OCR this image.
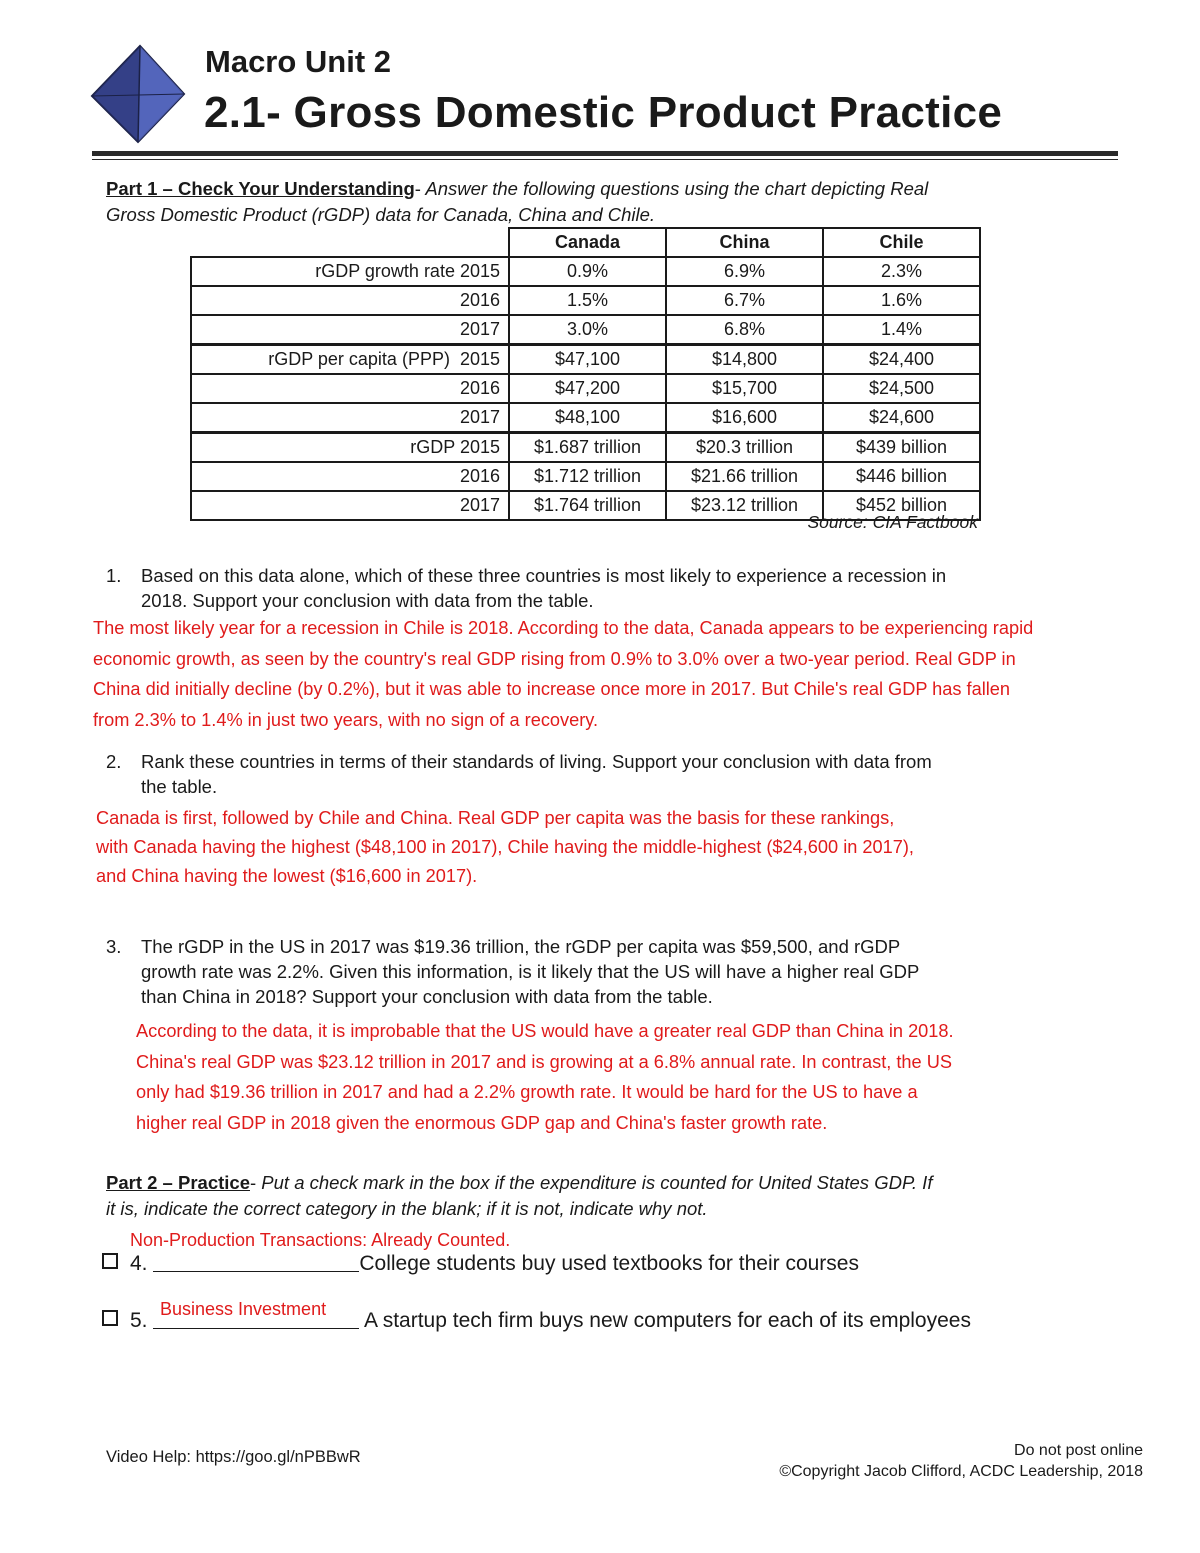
Macro Unit 2
2.1- Gross Domestic Product Practice
Part 1 – Check Your Understanding- Answer the following questions using the chart depicting Real
Gross Domestic Product (rGDP) data for Canada, China and Chile.
	Canada	China	Chile
rGDP growth rate 2015	0.9%	6.9%	2.3%
2016	1.5%	6.7%	1.6%
2017	3.0%	6.8%	1.4%
rGDP per capita (PPP)  2015	$47,100	$14,800	$24,400
2016	$47,200	$15,700	$24,500
2017	$48,100	$16,600	$24,600
rGDP 2015	$1.687 trillion	$20.3 trillion	$439 billion
2016	$1.712 trillion	$21.66 trillion	$446 billion
2017	$1.764 trillion	$23.12 trillion	$452 billion
Source: CIA Factbook
1. Based on this data alone, which of these three countries is most likely to experience a recession in
2018. Support your conclusion with data from the table.
The most likely year for a recession in Chile is 2018. According to the data, Canada appears to be experiencing rapid
economic growth, as seen by the country's real GDP rising from 0.9% to 3.0% over a two-year period. Real GDP in
China did initially decline (by 0.2%), but it was able to increase once more in 2017. But Chile's real GDP has fallen
from 2.3% to 1.4% in just two years, with no sign of a recovery.
2. Rank these countries in terms of their standards of living. Support your conclusion with data from
the table.
Canada is first, followed by Chile and China. Real GDP per capita was the basis for these rankings,
with Canada having the highest ($48,100 in 2017), Chile having the middle-highest ($24,600 in 2017),
and China having the lowest ($16,600 in 2017).
3. The rGDP in the US in 2017 was $19.36 trillion, the rGDP per capita was $59,500, and rGDP
growth rate was 2.2%. Given this information, is it likely that the US will have a higher real GDP
than China in 2018? Support your conclusion with data from the table.
According to the data, it is improbable that the US would have a greater real GDP than China in 2018.
China's real GDP was $23.12 trillion in 2017 and is growing at a 6.8% annual rate. In contrast, the US
only had $19.36 trillion in 2017 and had a 2.2% growth rate. It would be hard for the US to have a
higher real GDP in 2018 given the enormous GDP gap and China's faster growth rate.
Part 2 – Practice- Put a check mark in the box if the expenditure is counted for United States GDP. If
it is, indicate the correct category in the blank; if it is not, indicate why not.
Non-Production Transactions: Already Counted.
4.	College students buy used textbooks for their courses
Business Investment
5.	A startup tech firm buys new computers for each of its employees
Video Help: https://goo.gl/nPBBwR	Do not post online
©Copyright Jacob Clifford, ACDC Leadership, 2018
